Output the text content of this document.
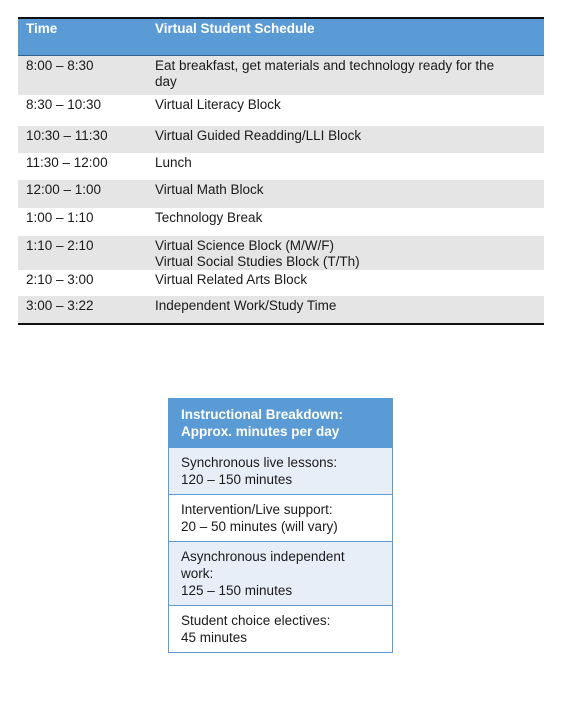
Time	Virtual Student Schedule
8:00 – 8:30	Eat breakfast, get materials and technology ready for the
day
8:30 – 10:30	Virtual Literacy Block
10:30 – 11:30	Virtual Guided Readding/LLI Block
11:30 – 12:00	Lunch
12:00 – 1:00	Virtual Math Block
1:00 – 1:10	Technology Break
1:10 – 2:10	Virtual Science Block (M/W/F)
Virtual Social Studies Block (T/Th)
2:10 – 3:00	Virtual Related Arts Block
3:00 – 3:22	Independent Work/Study Time
Instructional Breakdown:
Approx. minutes per day
Synchronous live lessons:
120 – 150 minutes
Intervention/Live support:
20 – 50 minutes (will vary)
Asynchronous independent
work:
125 – 150 minutes
Student choice electives:
45 minutes
